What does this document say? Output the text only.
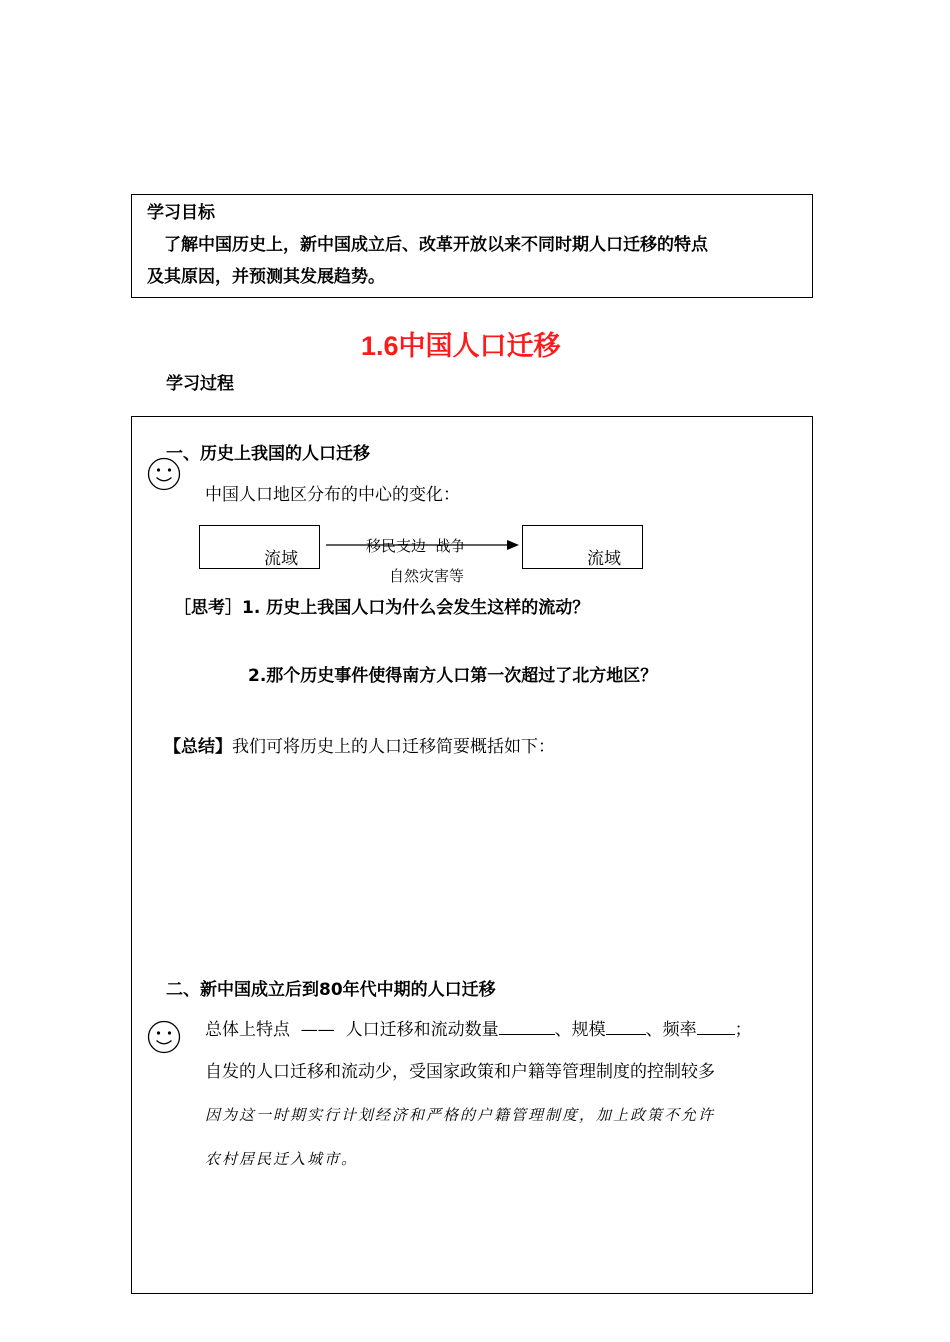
学习目标
了解中国历史上，新中国成立后、改革开放以来不同时期人口迁移的特点
及其原因，并预测其发展趋势。
1.6中国人口迁移
学习过程
一、历史上我国的人口迁移
中国人口地区分布的中心的变化：
流域	流域
移民支边  战争
自然灾害等
［思考］1. 历史上我国人口为什么会发生这样的流动？
2.那个历史事件使得南方人口第一次超过了北方地区？
【总结】我们可将历史上的人口迁移简要概括如下：
二、新中国成立后到80年代中期的人口迁移
总体上特点  ——  人口迁移和流动数量	、规模 、频率 ；
自发的人口迁移和流动少，受国家政策和户籍等管理制度的控制较多
因为这一时期实行计划经济和严格的户籍管理制度，加上政策不允许
农村居民迁入城市。
